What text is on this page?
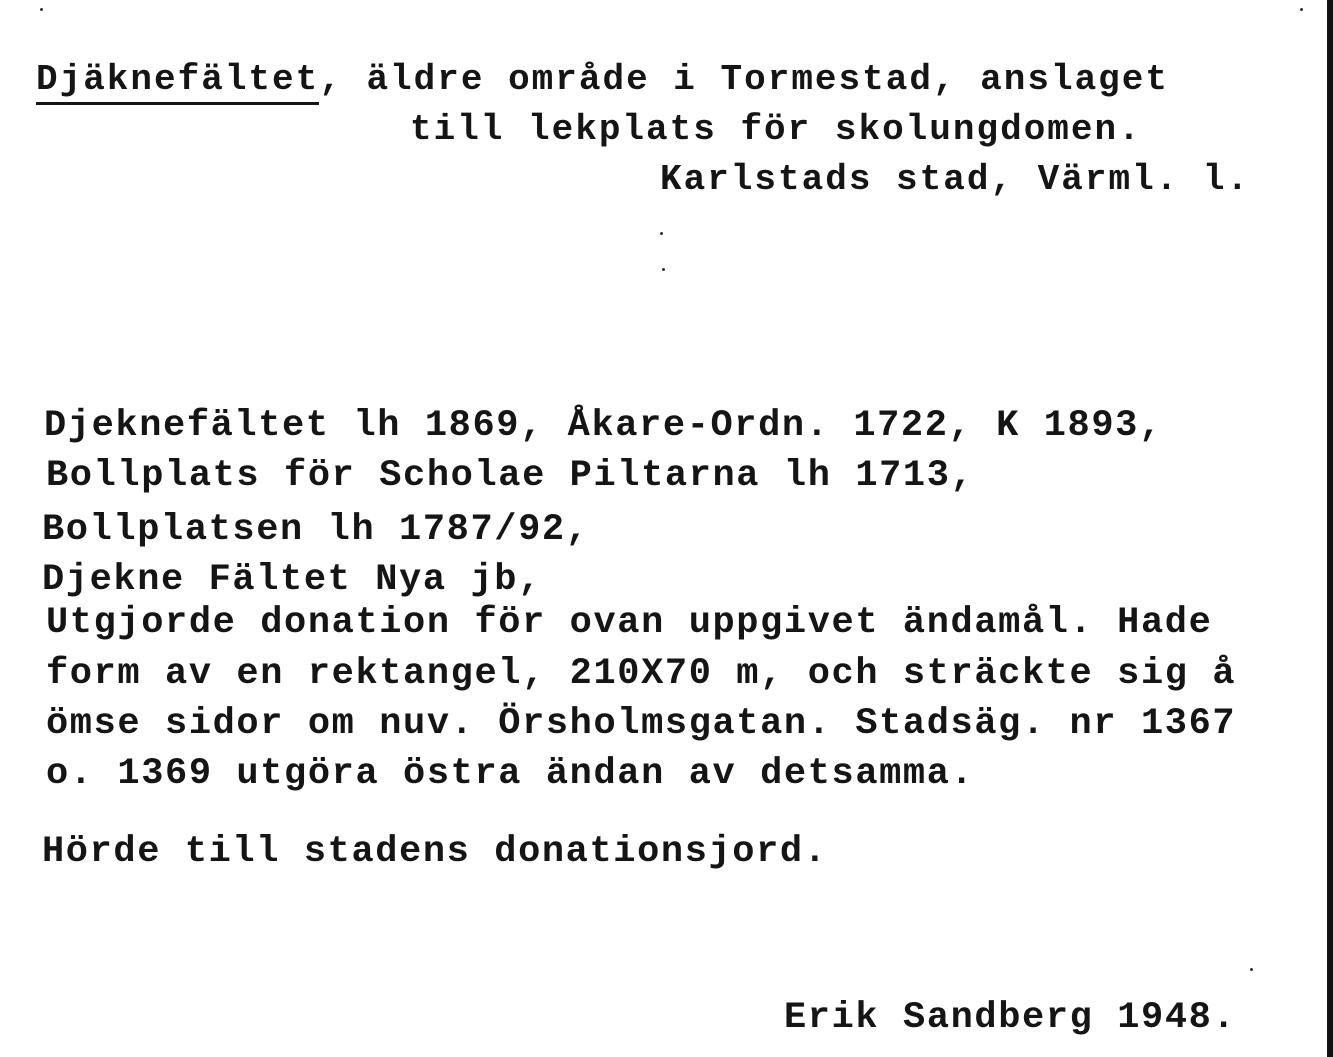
Djäknefältet, äldre område i Tormestad, anslaget
till lekplats för skolungdomen.
Karlstads stad, Värml. l.
Djeknefältet lh 1869, Åkare-Ordn. 1722, K 1893,
Bollplats för Scholae Piltarna lh 1713,
Bollplatsen lh 1787/92,
Djekne Fältet Nya jb,
Utgjorde donation för ovan uppgivet ändamål. Hade
form av en rektangel, 210X70 m, och sträckte sig å
ömse sidor om nuv. Örsholmsgatan. Stadsäg. nr 1367
o. 1369 utgöra östra ändan av detsamma.
Hörde till stadens donationsjord.
Erik Sandberg 1948.
